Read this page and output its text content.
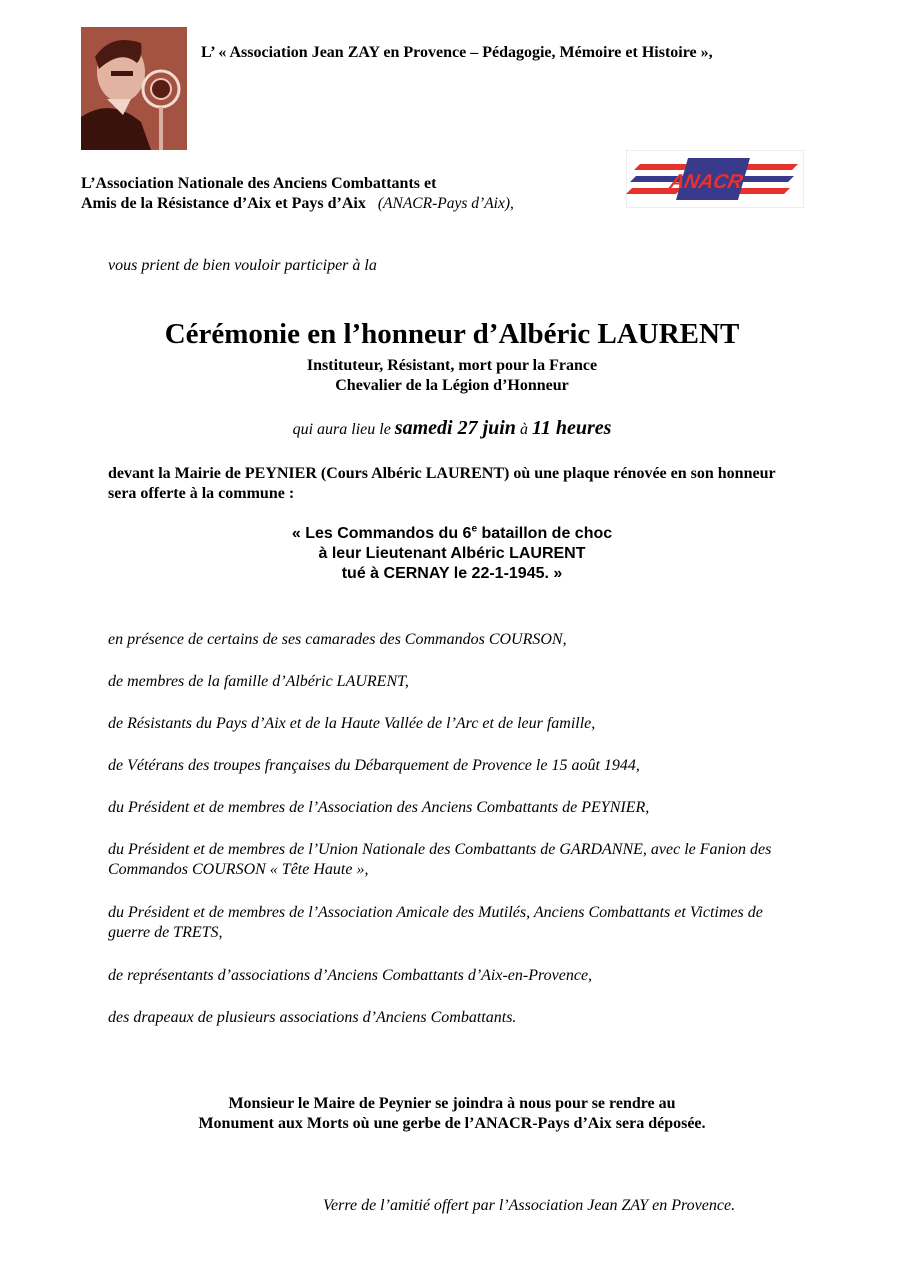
L’ « Association Jean ZAY en Provence – Pédagogie, Mémoire et Histoire »,
L’Association Nationale des Anciens Combattants et
Amis de la Résistance d’Aix et Pays d’Aix (ANACR-Pays d’Aix),
ANACR
vous prient de bien vouloir participer à la
Cérémonie en l’honneur d’Albéric LAURENT
Instituteur, Résistant, mort pour la France
Chevalier de la Légion d’Honneur
qui aura lieu le samedi 27 juin à 11 heures
devant la Mairie de PEYNIER (Cours Albéric LAURENT) où une plaque rénovée en son honneur sera offerte à la commune :
« Les Commandos du 6e bataillon de choc
à leur Lieutenant Albéric LAURENT
tué à CERNAY le 22-1-1945. »
en présence de certains de ses camarades des Commandos COURSON,
de membres de la famille d’Albéric LAURENT,
de Résistants du Pays d’Aix et de la Haute Vallée de l’Arc et de leur famille,
de Vétérans des troupes françaises du Débarquement de Provence le 15 août 1944,
du Président et de membres de l’Association des Anciens Combattants de PEYNIER,
du Président et de membres de l’Union Nationale des Combattants de GARDANNE, avec le Fanion des Commandos COURSON « Tête Haute »,
du Président et de membres de l’Association Amicale des Mutilés, Anciens Combattants et Victimes de guerre de TRETS,
de représentants d’associations d’Anciens Combattants d’Aix-en-Provence,
des drapeaux de plusieurs associations d’Anciens Combattants.
Monsieur le Maire de Peynier se joindra à nous pour se rendre au
Monument aux Morts où une gerbe de l’ANACR-Pays d’Aix sera déposée.
Verre de l’amitié offert par l’Association Jean ZAY en Provence.
